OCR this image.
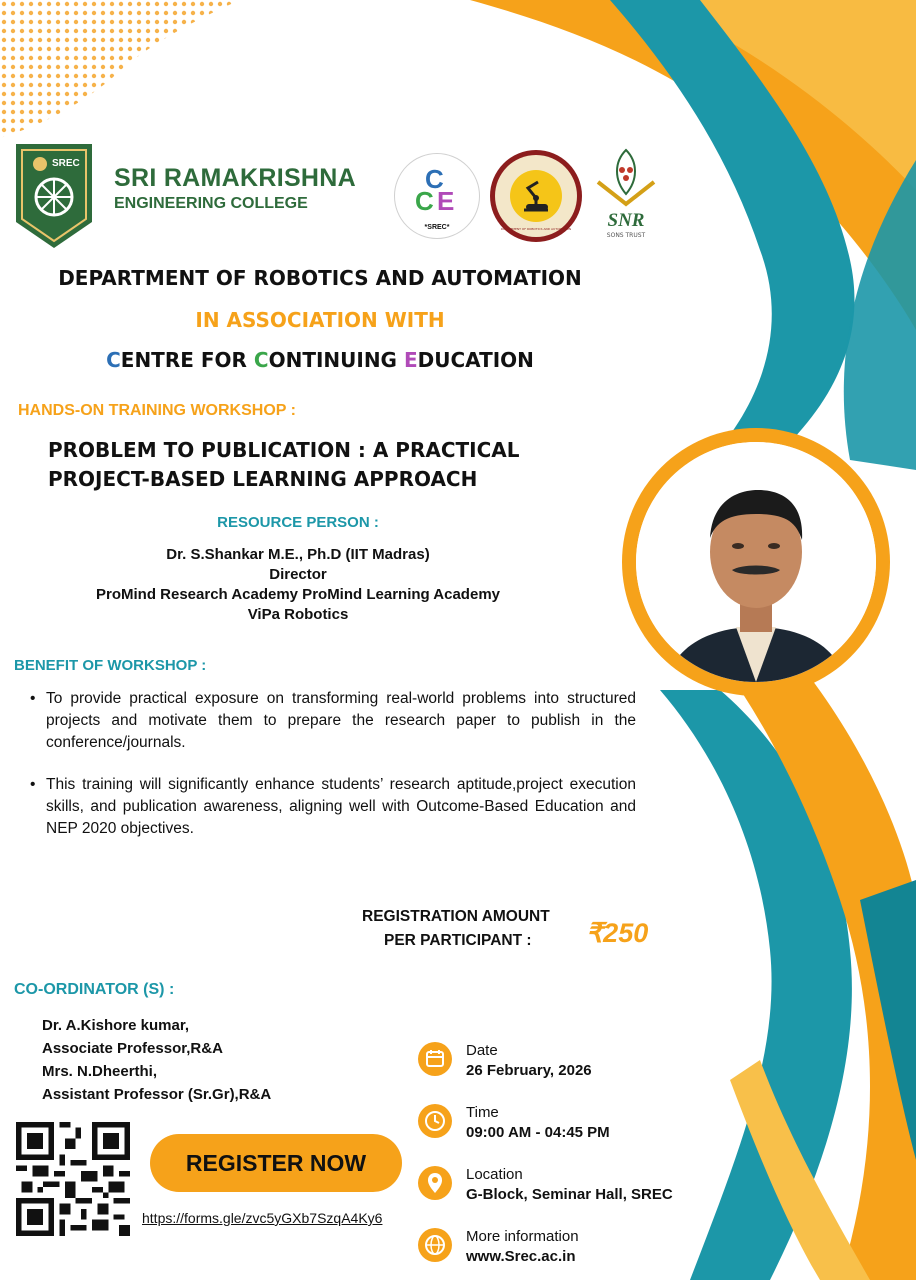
SREC
SRI RAMAKRISHNA
ENGINEERING COLLEGE
C
C E
*SREC*	DEPARTMENT OF ROBOTICS AND AUTOMATION	SNR
SONS TRUST
DEPARTMENT OF ROBOTICS AND AUTOMATION
IN ASSOCIATION WITH
CENTRE FOR CONTINUING EDUCATION
HANDS-ON TRAINING WORKSHOP :
PROBLEM TO PUBLICATION : A PRACTICAL
PROJECT-BASED LEARNING APPROACH
RESOURCE PERSON :
Dr. S.Shankar M.E., Ph.D (IIT Madras)
Director
ProMind Research Academy ProMind Learning Academy
ViPa Robotics
BENEFIT OF WORKSHOP :
• To provide practical exposure on transforming real-world problems into structured projects and motivate them to prepare the research paper to publish in the conference/journals.
• This training will significantly enhance students’ research aptitude,project execution skills, and publication awareness, aligning well with Outcome-Based Education and NEP 2020 objectives.
REGISTRATION AMOUNT
PER PARTICIPANT : ₹250
CO-ORDINATOR (S) :
Dr. A.Kishore kumar,
Associate Professor,R&A
Mrs. N.Dheerthi,
Assistant Professor (Sr.Gr),R&A
Date
26 February, 2026
Time
09:00 AM - 04:45 PM
Location
G-Block, Seminar Hall, SREC
More information
www.Srec.ac.in
REGISTER NOW
https://forms.gle/zvc5yGXb7SzqA4Ky6
